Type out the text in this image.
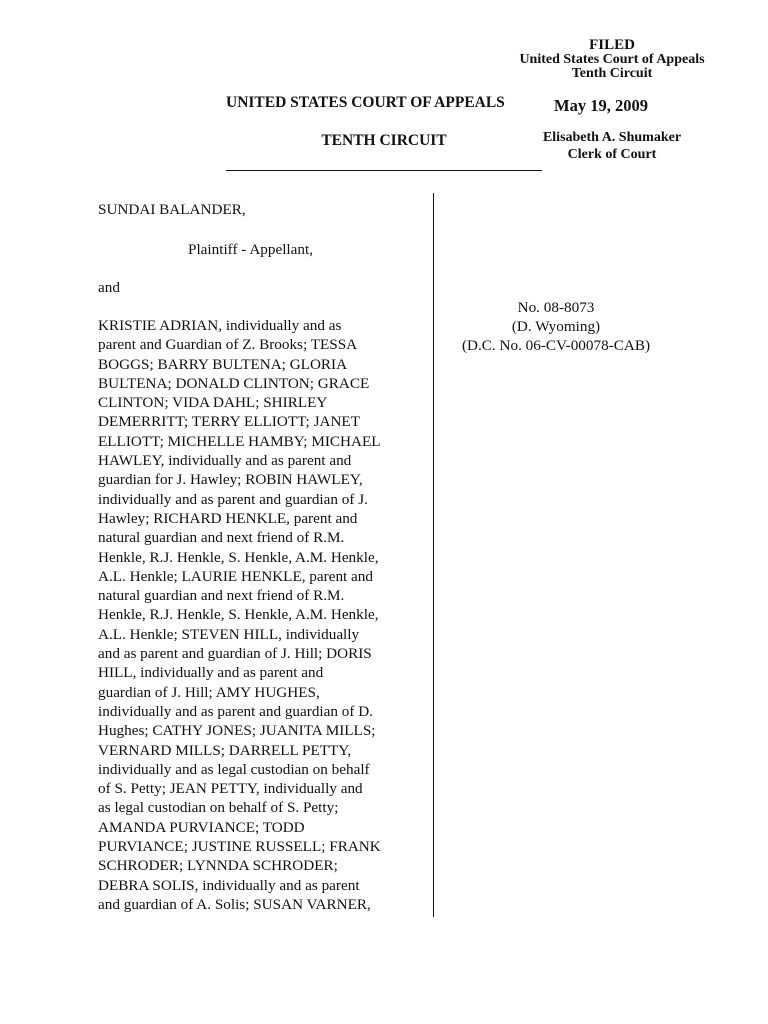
FILED
United States Court of Appeals
Tenth Circuit
May 19, 2009
Elisabeth A. Shumaker
Clerk of Court
UNITED STATES COURT OF APPEALS
TENTH CIRCUIT
SUNDAI BALANDER,
Plaintiff - Appellant,
and
KRISTIE ADRIAN, individually and as
parent and Guardian of Z. Brooks; TESSA
BOGGS; BARRY BULTENA; GLORIA
BULTENA; DONALD CLINTON; GRACE
CLINTON; VIDA DAHL; SHIRLEY
DEMERRITT; TERRY ELLIOTT; JANET
ELLIOTT; MICHELLE HAMBY; MICHAEL
HAWLEY, individually and as parent and
guardian for J. Hawley; ROBIN HAWLEY,
individually and as parent and guardian of J.
Hawley; RICHARD HENKLE, parent and
natural guardian and next friend of R.M.
Henkle, R.J. Henkle, S. Henkle, A.M. Henkle,
A.L. Henkle; LAURIE HENKLE, parent and
natural guardian and next friend of R.M.
Henkle, R.J. Henkle, S. Henkle, A.M. Henkle,
A.L. Henkle; STEVEN HILL, individually
and as parent and guardian of J. Hill; DORIS
HILL, individually and as parent and
guardian of J. Hill; AMY HUGHES,
individually and as parent and guardian of D.
Hughes; CATHY JONES; JUANITA MILLS;
VERNARD MILLS; DARRELL PETTY,
individually and as legal custodian on behalf
of S. Petty; JEAN PETTY, individually and
as legal custodian on behalf of S. Petty;
AMANDA PURVIANCE; TODD
PURVIANCE; JUSTINE RUSSELL; FRANK
SCHRODER; LYNNDA SCHRODER;
DEBRA SOLIS, individually and as parent
and guardian of A. Solis; SUSAN VARNER,
No. 08-8073
(D. Wyoming)
(D.C. No. 06-CV-00078-CAB)
